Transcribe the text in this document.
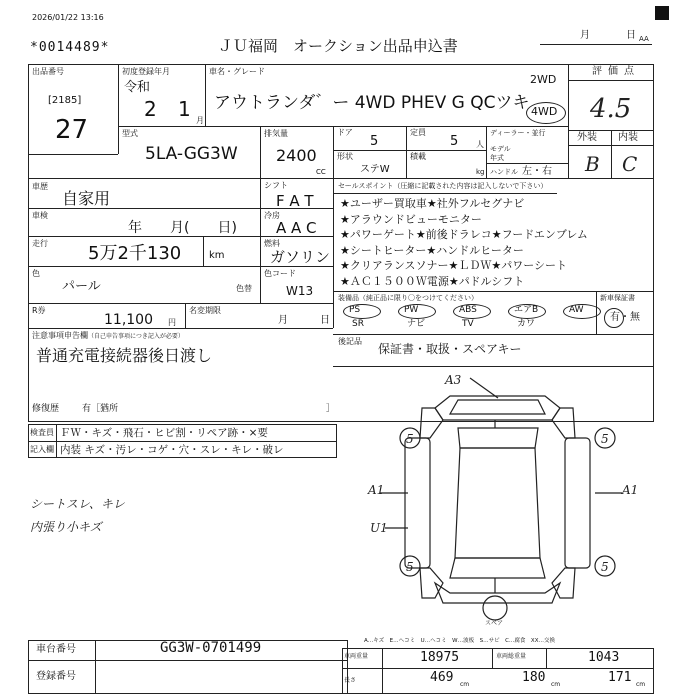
2026/01/22 13:16
*0014489*	ＪＵ福岡　オークション出品申込書
月	日 AA
出品番号
[2185]
27
初度登録年月
令和
2 1 月
車名・グレード
アウトランダ゛ー 4WD PHEV G QCツキ
2WD
4WD
評価点
4.5
外装 内装
B C
型式
5LA-GG3W
排気量
2400
CC
ドア
5
定員
5 人
形状
ステW
積載
kg
ディーラー・並行
モデル
年式
ハンドル 左・右
車歴
自家用
シフト
F A T
車検
年　　月(　　日)
冷房
A A C
走行 5万2千130	km
燃料
ガソリン
色
パール	色替
色コード
W13
R券
11,100 円
名変期限
月	日
セールスポイント（圧縮に記載された内容は記入しないで下さい）
★ユーザー買取車★社外フルセグナビ
★アラウンドビューモニター
★パワーゲート★前後ドラレコ★フードエンブレム
★シートヒーター★ハンドルヒーター
★クリアランスソナー★ＬＤＷ★パワーシート
★ＡＣ１５００Ｗ電源★パドルシフト
装備品（純正品に限り〇をつけてください）	新車保証書
有・無
PS
SR
PW
ナビ
ABS
TV
エアB
カワ
AW
注意事項申告欄（自己申告事項につき記入が必要）
普通充電接続器後日渡し
修復歴	有［猶所	］
後記品
保証書・取扱・スペアキー
検査員
記入欄
ＦＷ・キズ・飛石・ヒビ割・リペア跡・×要
内装 キズ・汚レ・コゲ・穴・スレ・キレ・破レ
シートスレ、キレ
内張り小キズ
A3
A1	A1
U1
5	5
5	5
スペア
A…キズ　E…ヘコミ　U…ヘコミ　W…波板　S…サビ　C…腐食　XX…交換
車台番号	GG3W-0701499
登録番号
車両重量	18975	車両総重量	1043
長さ	469 cm	180 cm	171 cm
